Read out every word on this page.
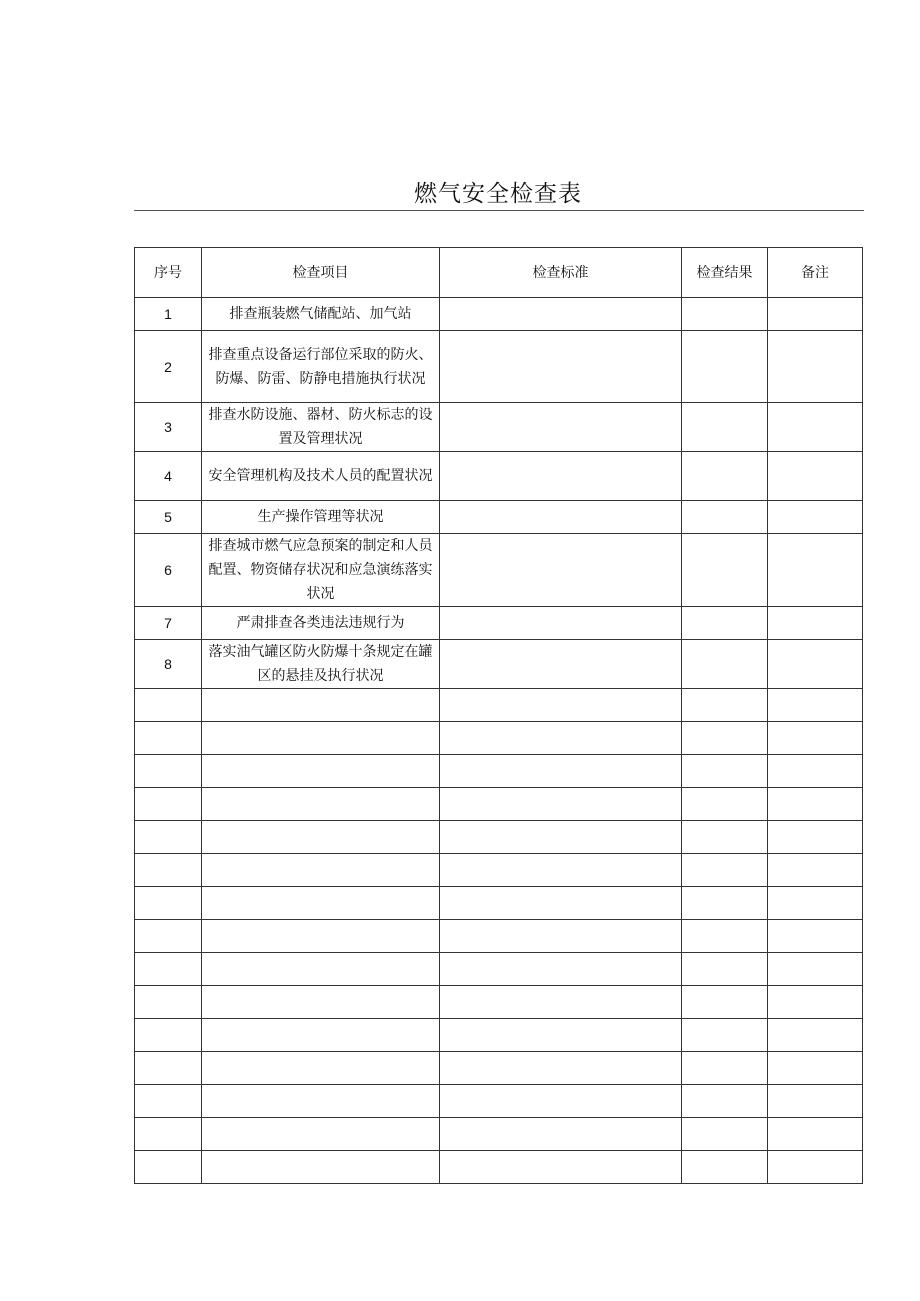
燃气安全检查表
序号	检查项目	检查标准	检查结果	备注
1	排查瓶装燃气储配站、加气站			
2	排查重点设备运行部位采取的防火、防爆、防雷、防静电措施执行状况			
3	排查水防设施、器材、防火标志的设置及管理状况			
4	安全管理机构及技术人员的配置状况			
5	生产操作管理等状况			
6	排查城市燃气应急预案的制定和人员配置、物资储存状况和应急演练落实状况			
7	严肃排查各类违法违规行为			
8	落实油气罐区防火防爆十条规定在罐区的悬挂及执行状况			
